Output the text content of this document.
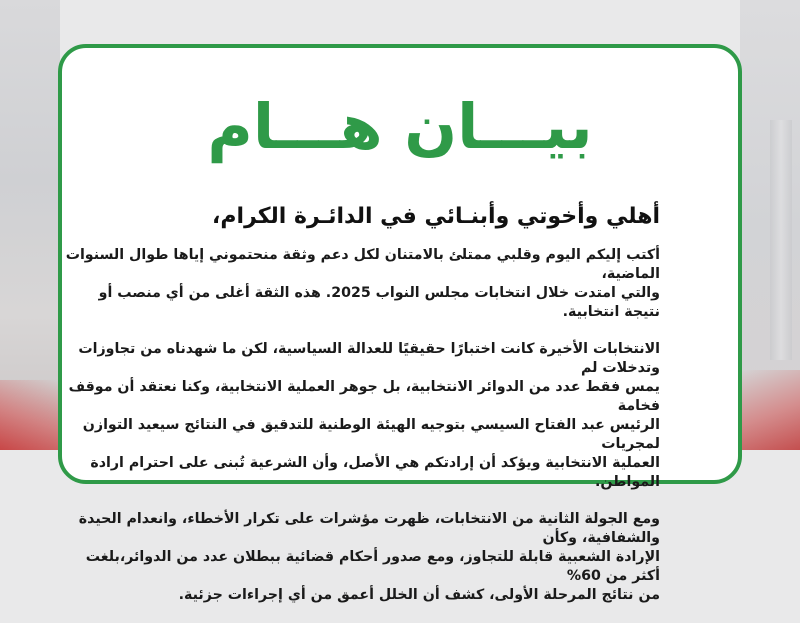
بيـــان هـــام

أهلي وأخوتي وأبنـائي في الدائـرة الكرام،

أكتب إليكم اليوم وقلبي ممتلئ بالامتنان لكل دعم وثقة منحتموني إياها طوال السنوات الماضية،
والتي امتدت خلال انتخابات مجلس النواب 2025. هذه الثقة أغلى من أي منصب أو نتيجة انتخابية.

الانتخابات الأخيرة كانت اختبارًا حقيقيًا للعدالة السياسية، لكن ما شهدناه من تجاوزات وتدخلات لم
يمس فقط عدد من الدوائر الانتخابية، بل جوهر العملية الانتخابية، وكنا نعتقد أن موقف فخامة
الرئيس عبد الفتاح السيسي بتوجيه الهيئة الوطنية للتدقيق في النتائج سيعيد التوازن لمجريات
العملية الانتخابية ويؤكد أن إرادتكم هي الأصل، وأن الشرعية تُبنى على احترام ارادة المواطن.

ومع الجولة الثانية من الانتخابات، ظهرت مؤشرات على تكرار الأخطاء، وانعدام الحيدة والشفافية، وكأن
الإرادة الشعبية قابلة للتجاوز، ومع صدور أحكام قضائية ببطلان عدد من الدوائر،بلغت أكثر من 60%
من نتائج المرحلة الأولى، كشف أن الخلل أعمق من أي إجراءات جزئية.
